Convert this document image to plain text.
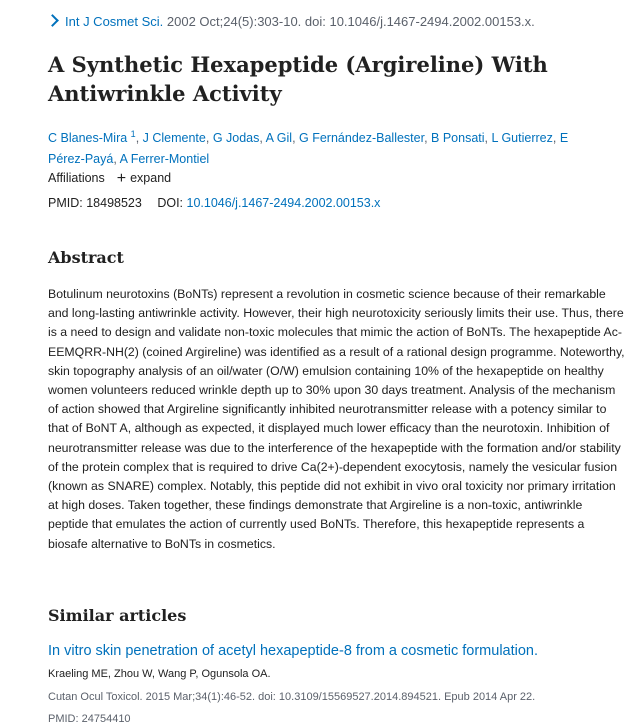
Int J Cosmet Sci. 2002 Oct;24(5):303-10. doi: 10.1046/j.1467-2494.2002.00153.x.
A Synthetic Hexapeptide (Argireline) With Antiwrinkle Activity
C Blanes-Mira $^1$, J Clemente, G Jodas, A Gil, G Fernández-Ballester, B Ponsati, L Gutierrez, E Pérez-Payá, A Ferrer-Montiel
Affiliations + expand
PMID: 18498523 DOI: 10.1046/j.1467-2494.2002.00153.x
Abstract

Botulinum neurotoxins (BoNTs) represent a revolution in cosmetic science because of their remarkable and long-lasting antiwrinkle activity. However, their high neurotoxicity seriously limits their use. Thus, there is a need to design and validate non-toxic molecules that mimic the action of BoNTs. The hexapeptide Ac-EEMQRR-NH(2) (coined Argireline) was identified as a result of a rational design programme. Noteworthy, skin topography analysis of an oil/water (O/W) emulsion containing 10% of the hexapeptide on healthy women volunteers reduced wrinkle depth up to 30% upon 30 days treatment. Analysis of the mechanism of action showed that Argireline significantly inhibited neurotransmitter release with a potency similar to that of BoNT A, although as expected, it displayed much lower efficacy than the neurotoxin. Inhibition of neurotransmitter release was due to the interference of the hexapeptide with the formation and/or stability of the protein complex that is required to drive Ca(2+)-dependent exocytosis, namely the vesicular fusion (known as SNARE) complex. Notably, this peptide did not exhibit in vivo oral toxicity nor primary irritation at high doses. Taken together, these findings demonstrate that Argireline is a non-toxic, antiwrinkle peptide that emulates the action of currently used BoNTs. Therefore, this hexapeptide represents a biosafe alternative to BoNTs in cosmetics.

Similar articles
In vitro skin penetration of acetyl hexapeptide-8 from a cosmetic formulation.
Kraeling ME, Zhou W, Wang P, Ogunsola OA.
Cutan Ocul Toxicol. 2015 Mar;34(1):46-52. doi: 10.3109/15569527.2014.894521. Epub 2014 Apr 22.
PMID: 24754410
